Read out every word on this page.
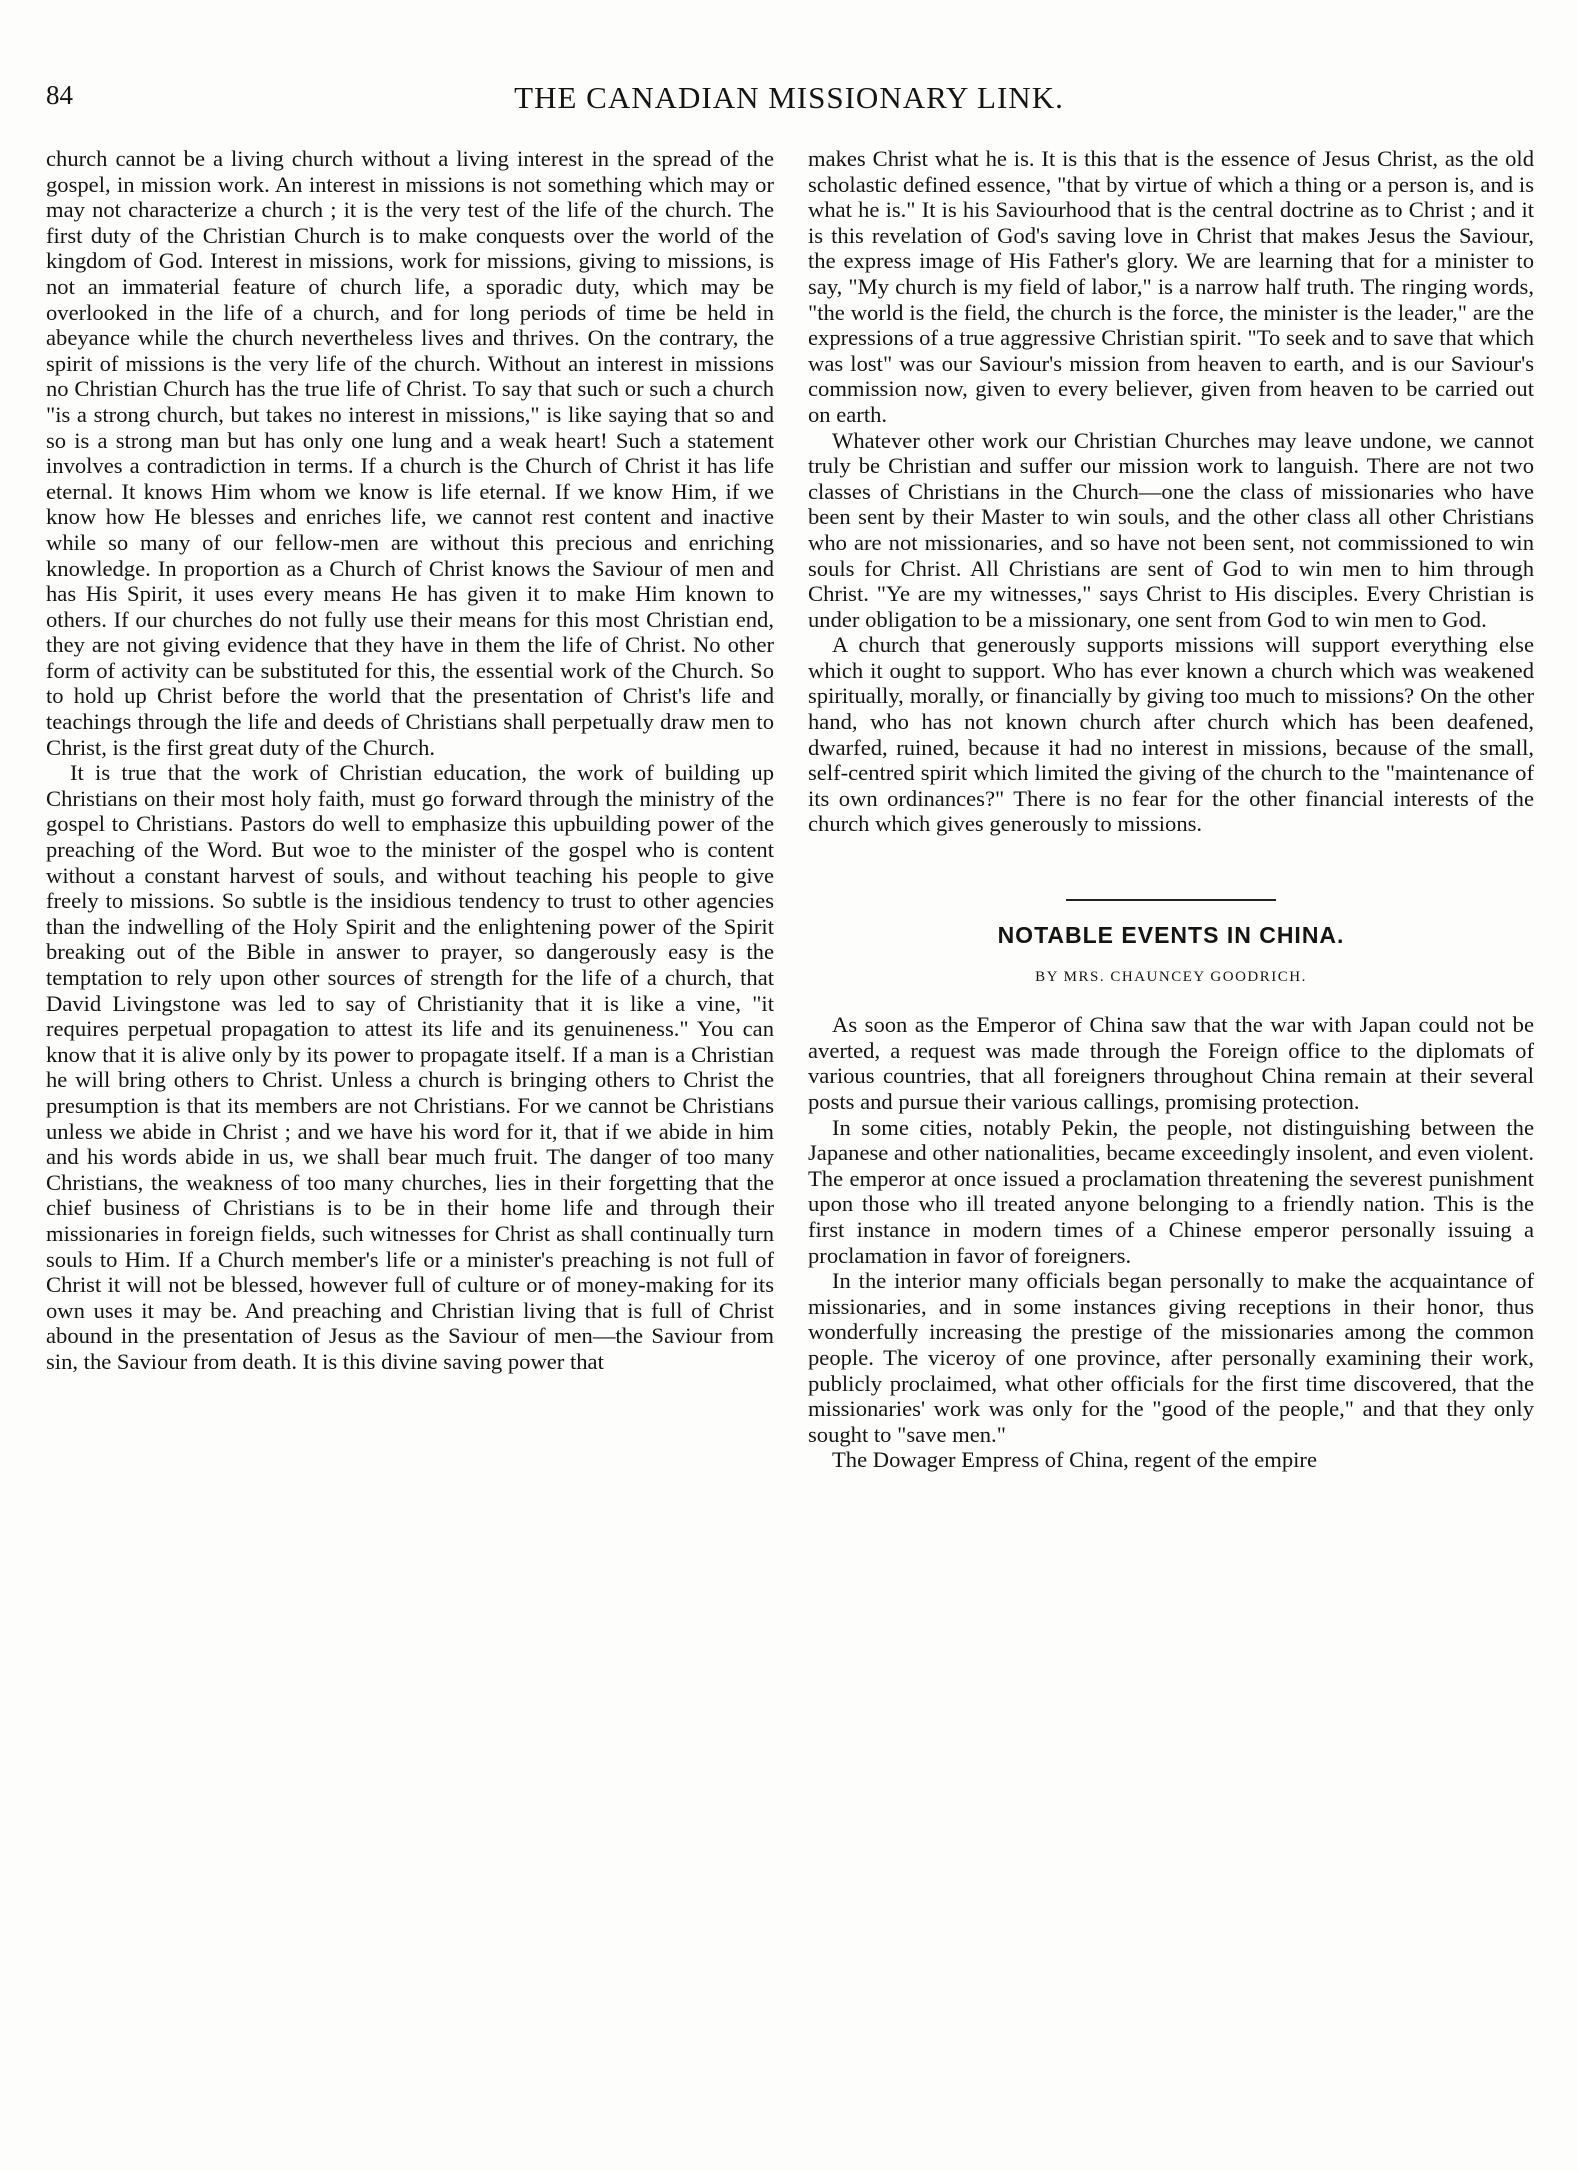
84	THE CANADIAN MISSIONARY LINK.

church cannot be a living church without a living interest in the spread of the gospel, in mission work. An interest in missions is not something which may or may not characterize a church ; it is the very test of the life of the church. The first duty of the Christian Church is to make conquests over the world of the kingdom of God. Interest in missions, work for missions, giving to missions, is not an immaterial feature of church life, a sporadic duty, which may be overlooked in the life of a church, and for long periods of time be held in abeyance while the church nevertheless lives and thrives. On the contrary, the spirit of missions is the very life of the church. Without an interest in missions no Christian Church has the true life of Christ. To say that such or such a church "is a strong church, but takes no interest in missions," is like saying that so and so is a strong man but has only one lung and a weak heart! Such a statement involves a contradiction in terms. If a church is the Church of Christ it has life eternal. It knows Him whom we know is life eternal. If we know Him, if we know how He blesses and enriches life, we cannot rest content and inactive while so many of our fellow-men are without this precious and enriching knowledge. In proportion as a Church of Christ knows the Saviour of men and has His Spirit, it uses every means He has given it to make Him known to others. If our churches do not fully use their means for this most Christian end, they are not giving evidence that they have in them the life of Christ. No other form of activity can be substituted for this, the essential work of the Church. So to hold up Christ before the world that the presentation of Christ's life and teachings through the life and deeds of Christians shall perpetually draw men to Christ, is the first great duty of the Church.

It is true that the work of Christian education, the work of building up Christians on their most holy faith, must go forward through the ministry of the gospel to Christians. Pastors do well to emphasize this upbuilding power of the preaching of the Word. But woe to the minister of the gospel who is content without a constant harvest of souls, and without teaching his people to give freely to missions. So subtle is the insidious tendency to trust to other agencies than the indwelling of the Holy Spirit and the enlightening power of the Spirit breaking out of the Bible in answer to prayer, so dangerously easy is the temptation to rely upon other sources of strength for the life of a church, that David Livingstone was led to say of Christianity that it is like a vine, "it requires perpetual propagation to attest its life and its genuineness." You can know that it is alive only by its power to propagate itself. If a man is a Christian he will bring others to Christ. Unless a church is bringing others to Christ the presumption is that its members are not Christians. For we cannot be Christians unless we abide in Christ ; and we have his word for it, that if we abide in him and his words abide in us, we shall bear much fruit. The danger of too many Christians, the weakness of too many churches, lies in their forgetting that the chief business of Christians is to be in their home life and through their missionaries in foreign fields, such witnesses for Christ as shall continually turn souls to Him. If a Church member's life or a minister's preaching is not full of Christ it will not be blessed, however full of culture or of money-making for its own uses it may be. And preaching and Christian living that is full of Christ abound in the presentation of Jesus as the Saviour of men—the Saviour from sin, the Saviour from death. It is this divine saving power that

makes Christ what he is. It is this that is the essence of Jesus Christ, as the old scholastic defined essence, "that by virtue of which a thing or a person is, and is what he is." It is his Saviourhood that is the central doctrine as to Christ ; and it is this revelation of God's saving love in Christ that makes Jesus the Saviour, the express image of His Father's glory. We are learning that for a minister to say, "My church is my field of labor," is a narrow half truth. The ringing words, "the world is the field, the church is the force, the minister is the leader," are the expressions of a true aggressive Christian spirit. "To seek and to save that which was lost" was our Saviour's mission from heaven to earth, and is our Saviour's commission now, given to every believer, given from heaven to be carried out on earth.

Whatever other work our Christian Churches may leave undone, we cannot truly be Christian and suffer our mission work to languish. There are not two classes of Christians in the Church—one the class of missionaries who have been sent by their Master to win souls, and the other class all other Christians who are not missionaries, and so have not been sent, not commissioned to win souls for Christ. All Christians are sent of God to win men to him through Christ. "Ye are my witnesses," says Christ to His disciples. Every Christian is under obligation to be a missionary, one sent from God to win men to God.

A church that generously supports missions will support everything else which it ought to support. Who has ever known a church which was weakened spiritually, morally, or financially by giving too much to missions? On the other hand, who has not known church after church which has been deafened, dwarfed, ruined, because it had no interest in missions, because of the small, self-centred spirit which limited the giving of the church to the "maintenance of its own ordinances?" There is no fear for the other financial interests of the church which gives generously to missions.

NOTABLE EVENTS IN CHINA.
BY MRS. CHAUNCEY GOODRICH.

As soon as the Emperor of China saw that the war with Japan could not be averted, a request was made through the Foreign office to the diplomats of various countries, that all foreigners throughout China remain at their several posts and pursue their various callings, promising protection.

In some cities, notably Pekin, the people, not distinguishing between the Japanese and other nationalities, became exceedingly insolent, and even violent. The emperor at once issued a proclamation threatening the severest punishment upon those who ill treated anyone belonging to a friendly nation. This is the first instance in modern times of a Chinese emperor personally issuing a proclamation in favor of foreigners.

In the interior many officials began personally to make the acquaintance of missionaries, and in some instances giving receptions in their honor, thus wonderfully increasing the prestige of the missionaries among the common people. The viceroy of one province, after personally examining their work, publicly proclaimed, what other officials for the first time discovered, that the missionaries' work was only for the "good of the people," and that they only sought to "save men."

The Dowager Empress of China, regent of the empire
